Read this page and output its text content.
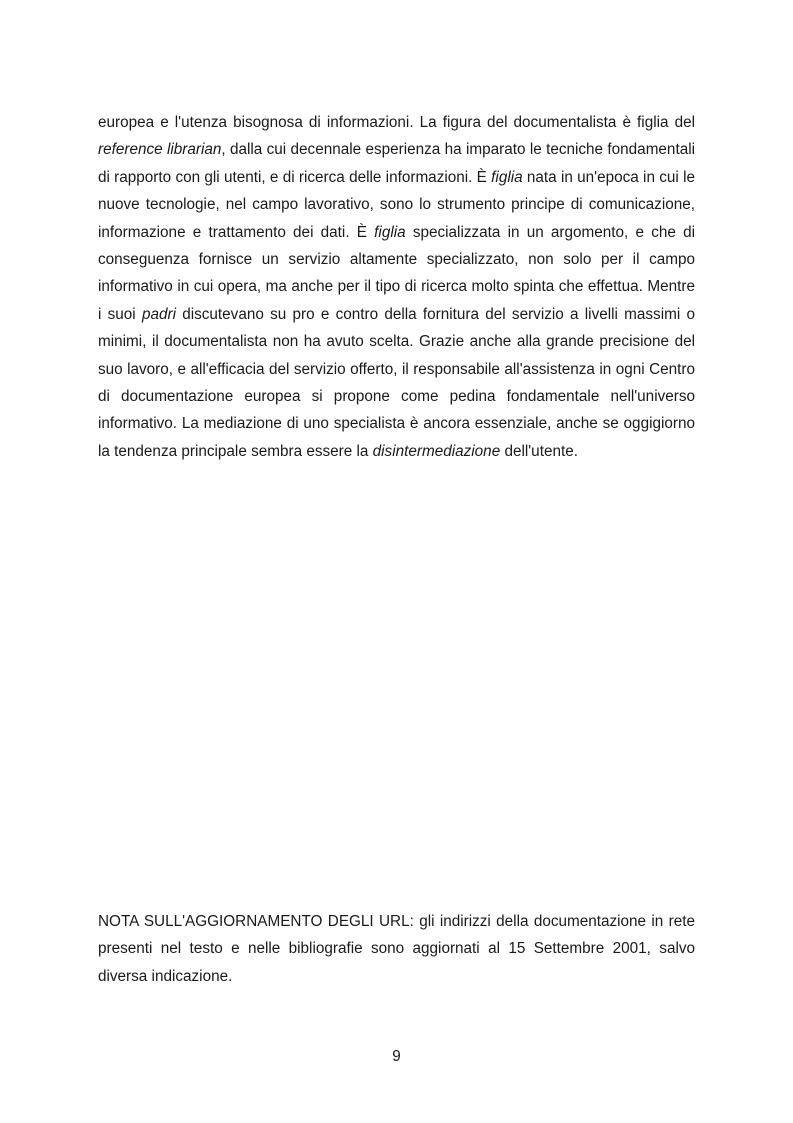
europea e l'utenza bisognosa di informazioni. La figura del documentalista è figlia del reference librarian, dalla cui decennale esperienza ha imparato le tecniche fondamentali di rapporto con gli utenti, e di ricerca delle informazioni. È figlia nata in un'epoca in cui le nuove tecnologie, nel campo lavorativo, sono lo strumento principe di comunicazione, informazione e trattamento dei dati. È figlia specializzata in un argomento, e che di conseguenza fornisce un servizio altamente specializzato, non solo per il campo informativo in cui opera, ma anche per il tipo di ricerca molto spinta che effettua. Mentre i suoi padri discutevano su pro e contro della fornitura del servizio a livelli massimi o minimi, il documentalista non ha avuto scelta. Grazie anche alla grande precisione del suo lavoro, e all'efficacia del servizio offerto, il responsabile all'assistenza in ogni Centro di documentazione europea si propone come pedina fondamentale nell'universo informativo. La mediazione di uno specialista è ancora essenziale, anche se oggigiorno la tendenza principale sembra essere la disintermediazione dell'utente.

NOTA SULL'AGGIORNAMENTO DEGLI URL: gli indirizzi della documentazione in rete presenti nel testo e nelle bibliografie sono aggiornati al 15 Settembre 2001, salvo diversa indicazione.

9
